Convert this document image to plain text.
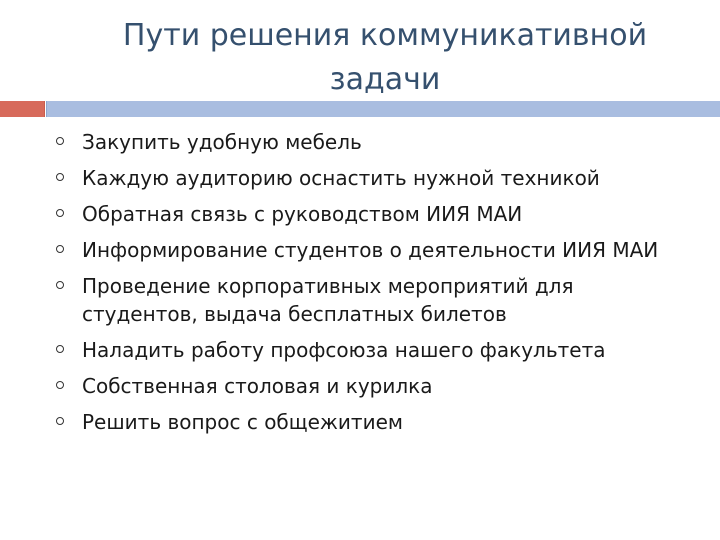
Пути решения коммуникативной
задачи
Закупить удобную мебель
Каждую аудиторию оснастить нужной техникой
Обратная связь с руководством ИИЯ МАИ
Информирование студентов о деятельности ИИЯ МАИ
Проведение корпоративных мероприятий для студентов, выдача бесплатных билетов
Наладить работу профсоюза нашего факультета
Собственная столовая и курилка
Решить вопрос с общежитием
